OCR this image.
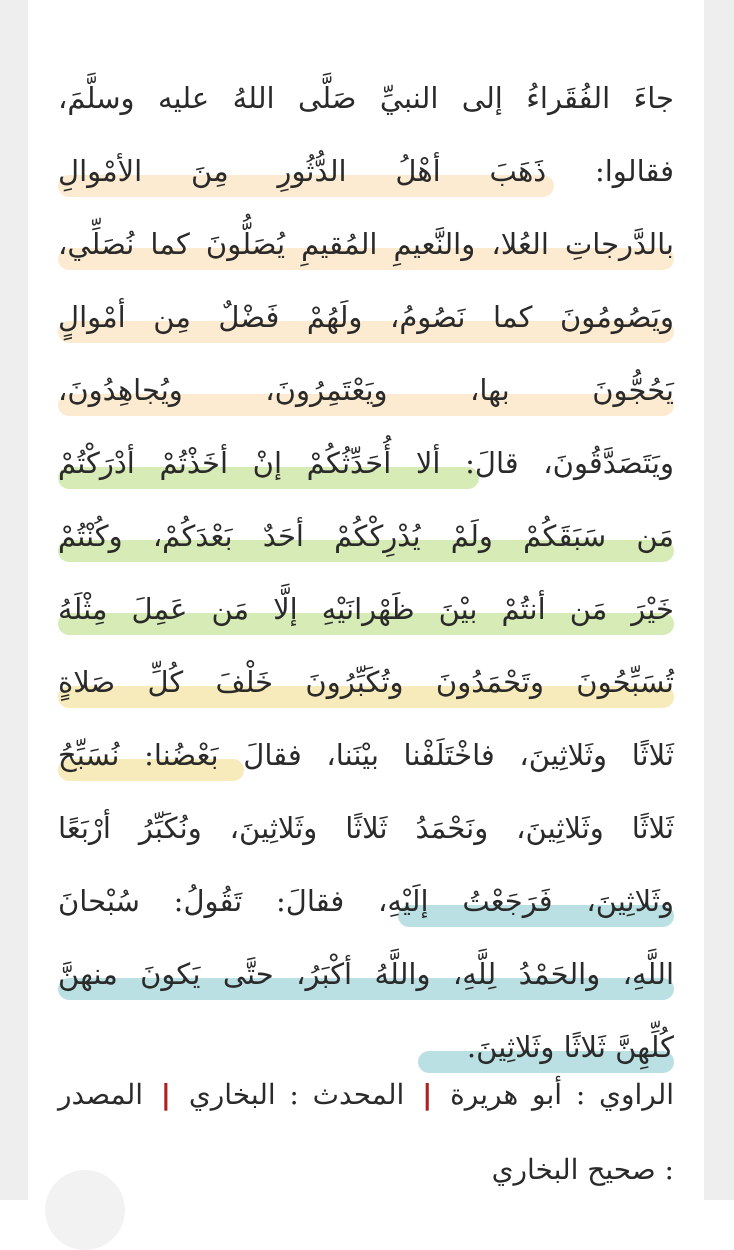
جاءَ الفُقَراءُ إلى النبيِّ صَلَّى اللهُ عليه وسلَّمَ،
فقالوا: ذَهَبَ أهْلُ الدُّثُورِ مِنَ الأمْوالِ
بالدَّرجاتِ العُلا، والنَّعيمِ المُقيمِ يُصَلُّونَ كما نُصَلِّي،
ويَصُومُونَ كما نَصُومُ، ولَهُمْ فَضْلٌ مِن أمْوالٍ
يَحُجُّونَ بها، ويَعْتَمِرُونَ، ويُجاهِدُونَ،
ويَتَصَدَّقُونَ، قالَ: ألا أُحَدِّثُكُمْ إنْ أخَذْتُمْ أدْرَكْتُمْ
مَن سَبَقَكُمْ ولَمْ يُدْرِكْكُمْ أحَدٌ بَعْدَكُمْ، وكُنْتُمْ
خَيْرَ مَن أنتُمْ بيْنَ ظَهْرانَيْهِ إلَّا مَن عَمِلَ مِثْلَهُ
تُسَبِّحُونَ وتَحْمَدُونَ وتُكَبِّرُونَ خَلْفَ كُلِّ صَلاةٍ
ثَلاثًا وثَلاثِينَ، فاخْتَلَفْنا بيْنَنا، فقالَ بَعْضُنا: نُسَبِّحُ
ثَلاثًا وثَلاثِينَ، ونَحْمَدُ ثَلاثًا وثَلاثِينَ، ونُكَبِّرُ أرْبَعًا
وثَلاثِينَ، فَرَجَعْتُ إلَيْهِ، فقالَ: تَقُولُ: سُبْحانَ
اللَّهِ، والحَمْدُ لِلَّهِ، واللَّهُ أكْبَرُ، حتَّى يَكونَ منهنَّ
كُلِّهِنَّ ثَلاثًا وثَلاثِينَ.
الراوي : أبو هريرة | المحدث : البخاري | المصدر
: صحيح البخاري
